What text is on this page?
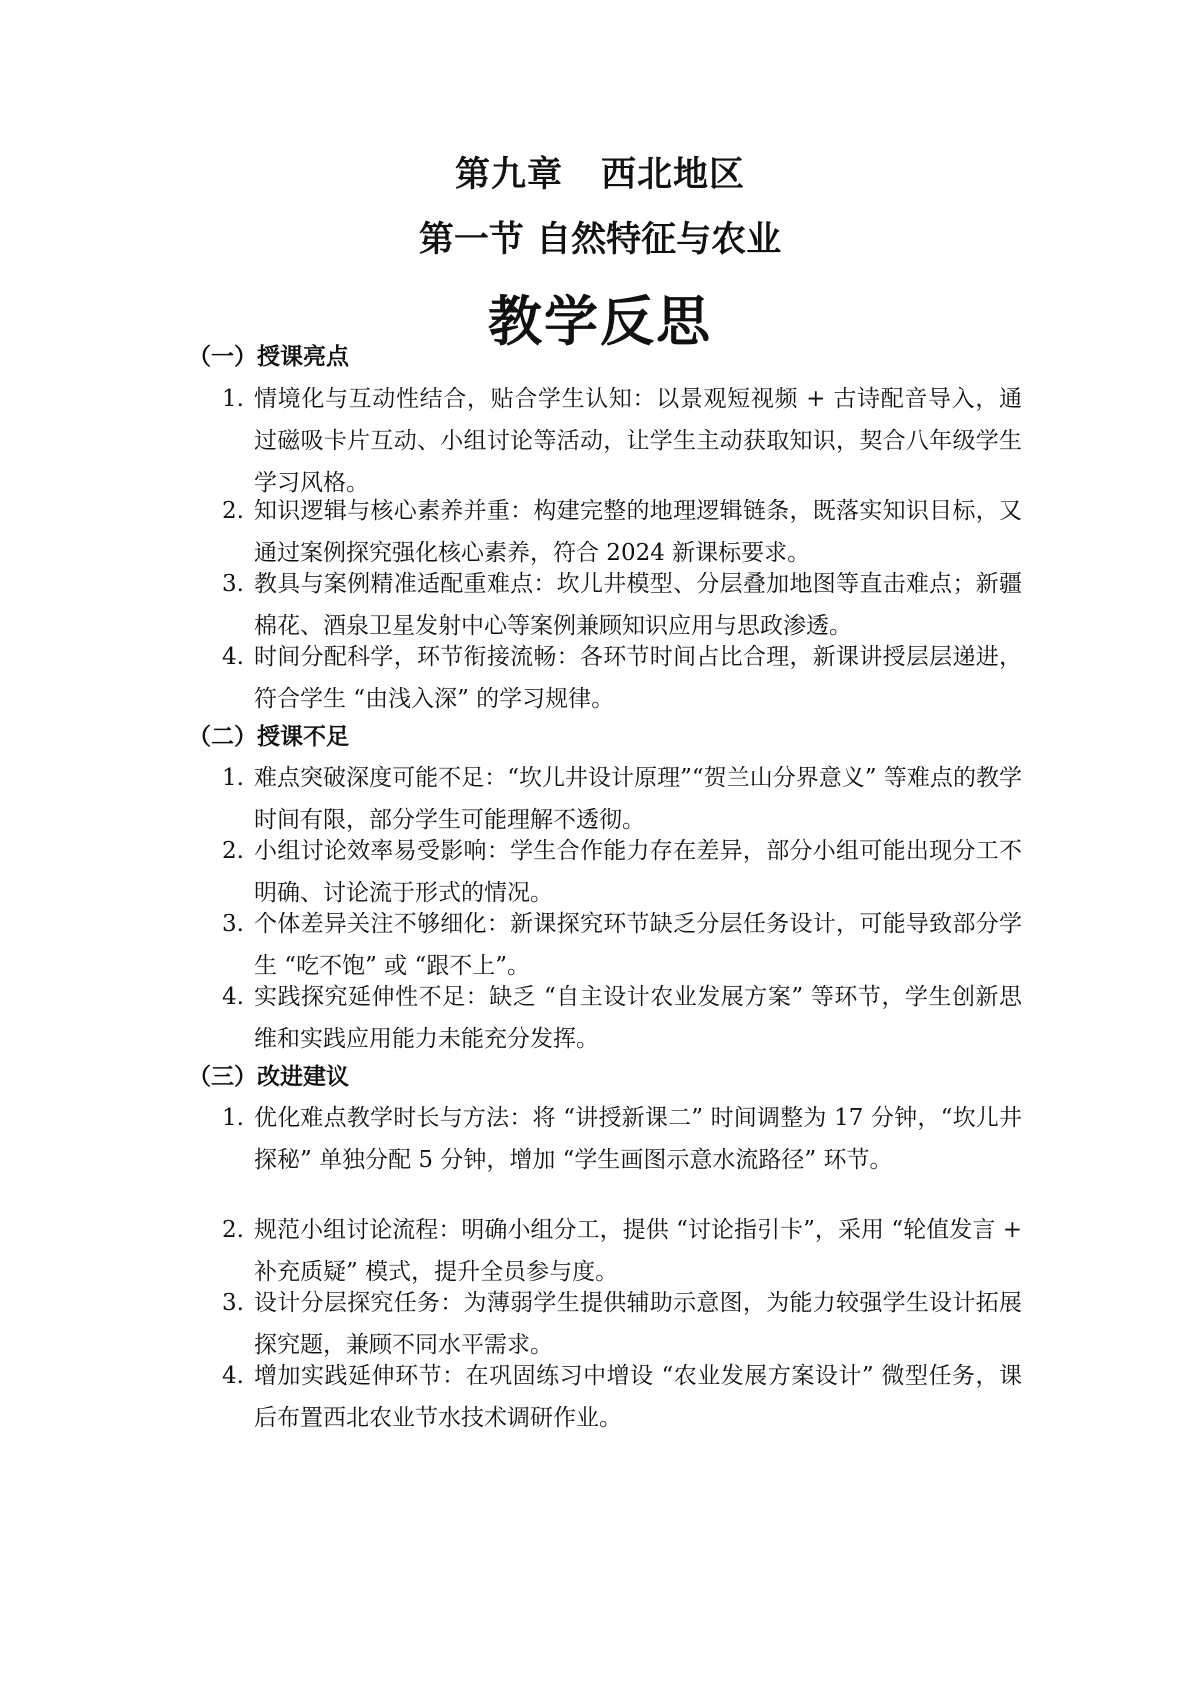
第九章 西北地区
第一节 自然特征与农业
教学反思
（一）授课亮点
1. 情境化与互动性结合，贴合学生认知：以景观短视频 + 古诗配音导入，通过磁吸卡片互动、小组讨论等活动，让学生主动获取知识，契合八年级学生学习风格。
2. 知识逻辑与核心素养并重：构建完整的地理逻辑链条，既落实知识目标，又通过案例探究强化核心素养，符合 2024 新课标要求。
3. 教具与案例精准适配重难点：坎儿井模型、分层叠加地图等直击难点；新疆棉花、酒泉卫星发射中心等案例兼顾知识应用与思政渗透。
4. 时间分配科学，环节衔接流畅：各环节时间占比合理，新课讲授层层递进，符合学生 “由浅入深” 的学习规律。
（二）授课不足
1. 难点突破深度可能不足：“坎儿井设计原理”“贺兰山分界意义” 等难点的教学时间有限，部分学生可能理解不透彻。
2. 小组讨论效率易受影响：学生合作能力存在差异，部分小组可能出现分工不明确、讨论流于形式的情况。
3. 个体差异关注不够细化：新课探究环节缺乏分层任务设计，可能导致部分学生 “吃不饱” 或 “跟不上”。
4. 实践探究延伸性不足：缺乏 “自主设计农业发展方案” 等环节，学生创新思维和实践应用能力未能充分发挥。
（三）改进建议
1. 优化难点教学时长与方法：将 “讲授新课二” 时间调整为 17 分钟，“坎儿井探秘” 单独分配 5 分钟，增加 “学生画图示意水流路径” 环节。
2. 规范小组讨论流程：明确小组分工，提供 “讨论指引卡”，采用 “轮值发言 + 补充质疑” 模式，提升全员参与度。
3. 设计分层探究任务：为薄弱学生提供辅助示意图，为能力较强学生设计拓展探究题，兼顾不同水平需求。
4. 增加实践延伸环节：在巩固练习中增设 “农业发展方案设计” 微型任务，课后布置西北农业节水技术调研作业。
